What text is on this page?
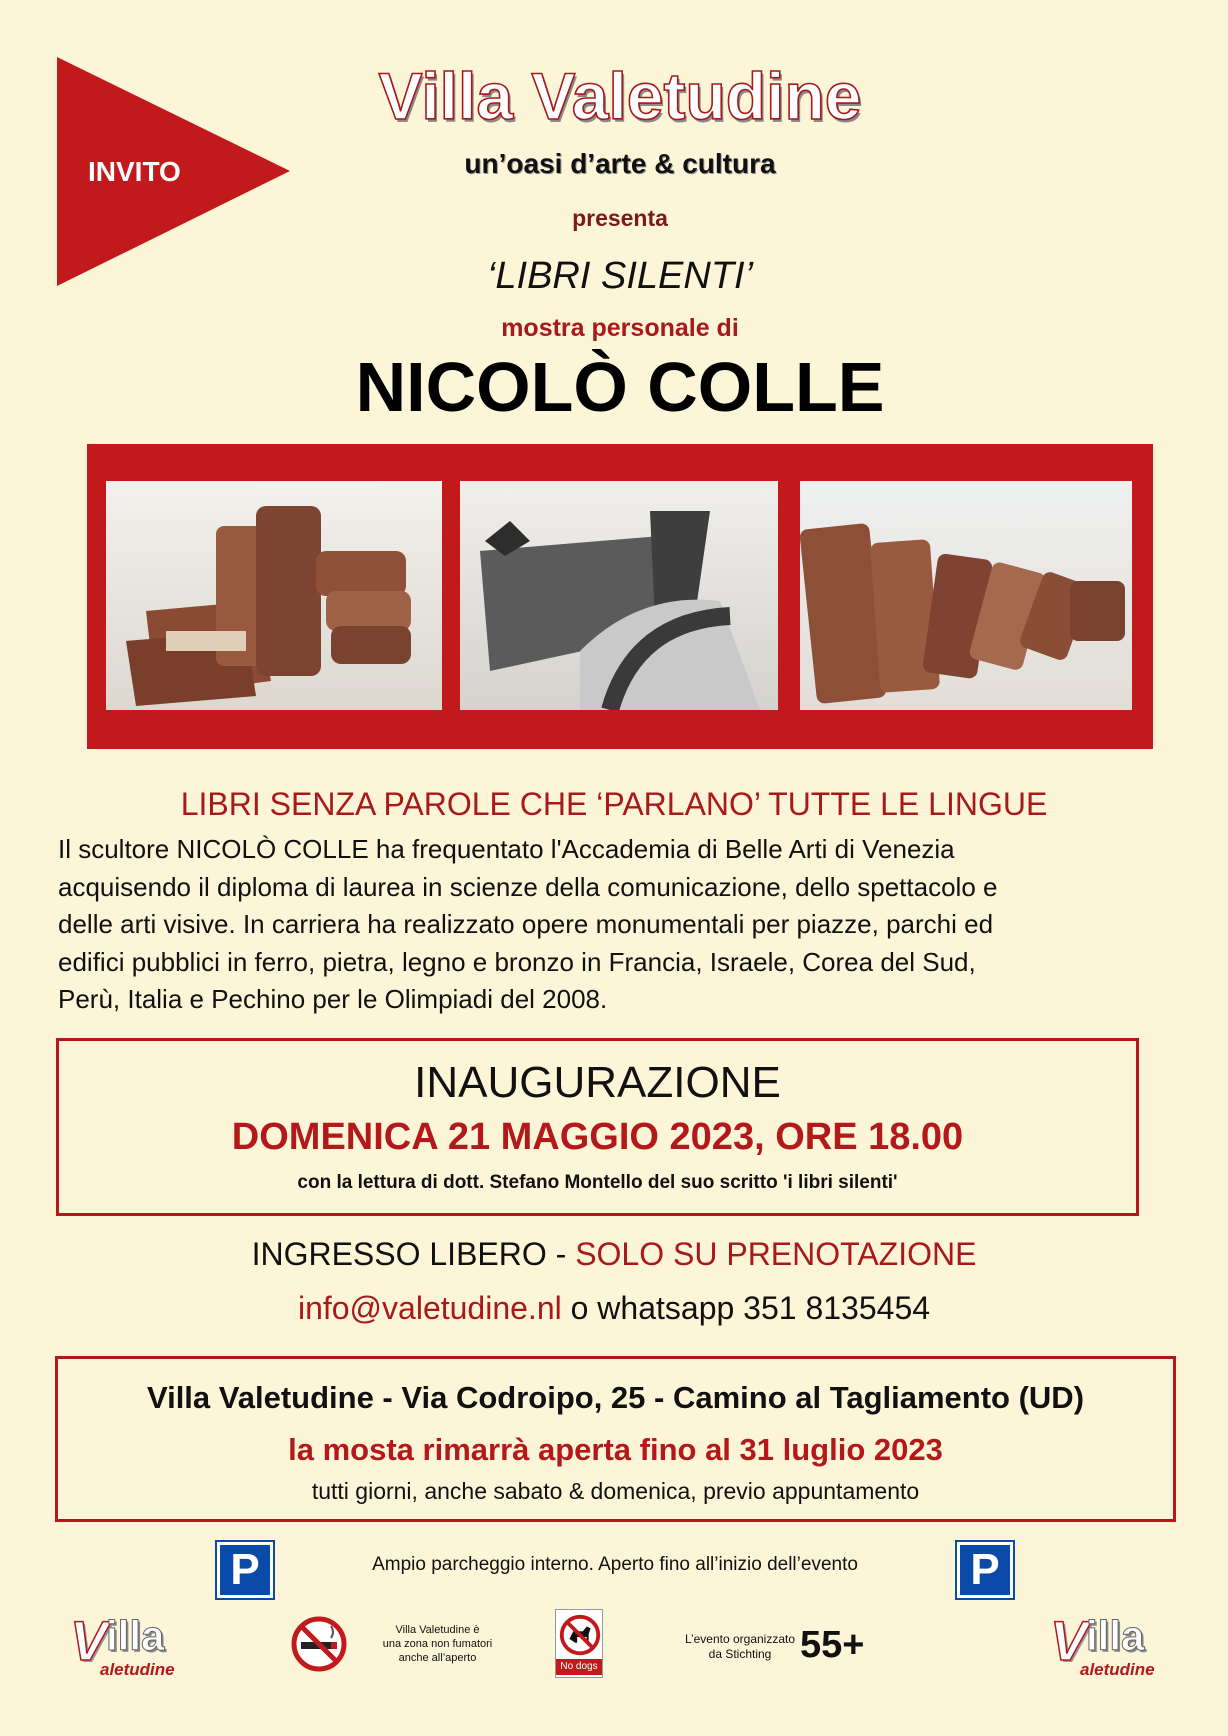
INVITO
Villa Valetudine
un’oasi d’arte & cultura
presenta
‘LIBRI SILENTI’
mostra personale di
NICOLÒ COLLE
LIBRI SENZA PAROLE CHE ‘PARLANO’ TUTTE LE LINGUE
Il scultore NICOLÒ COLLE ha frequentato l'Accademia di Belle Arti di Venezia
acquisendo il diploma di laurea in scienze della comunicazione, dello spettacolo e
delle arti visive. In carriera ha realizzato opere monumentali per piazze, parchi ed
edifici pubblici in ferro, pietra, legno e bronzo in Francia, Israele, Corea del Sud,
Perù, Italia e Pechino per le Olimpiadi del 2008.
INAUGURAZIONE
DOMENICA 21 MAGGIO 2023, ORE 18.00
con la lettura di dott. Stefano Montello del suo scritto 'i libri silenti'
INGRESSO LIBERO - SOLO SU PRENOTAZIONE
info@valetudine.nl o whatsapp 351 8135454
Villa Valetudine - Via Codroipo, 25 - Camino al Tagliamento (UD)
la mosta rimarrà aperta fino al 31 luglio 2023
tutti giorni, anche sabato & domenica, previo appuntamento
P	Ampio parcheggio interno. Aperto fino all’inizio dell’evento	P
V
illa
aletudine
Villa Valetudine è
una zona non fumatori
anche all’aperto
No dogs
L’evento organizzato
da Stichting 55+	V
illa
aletudine
